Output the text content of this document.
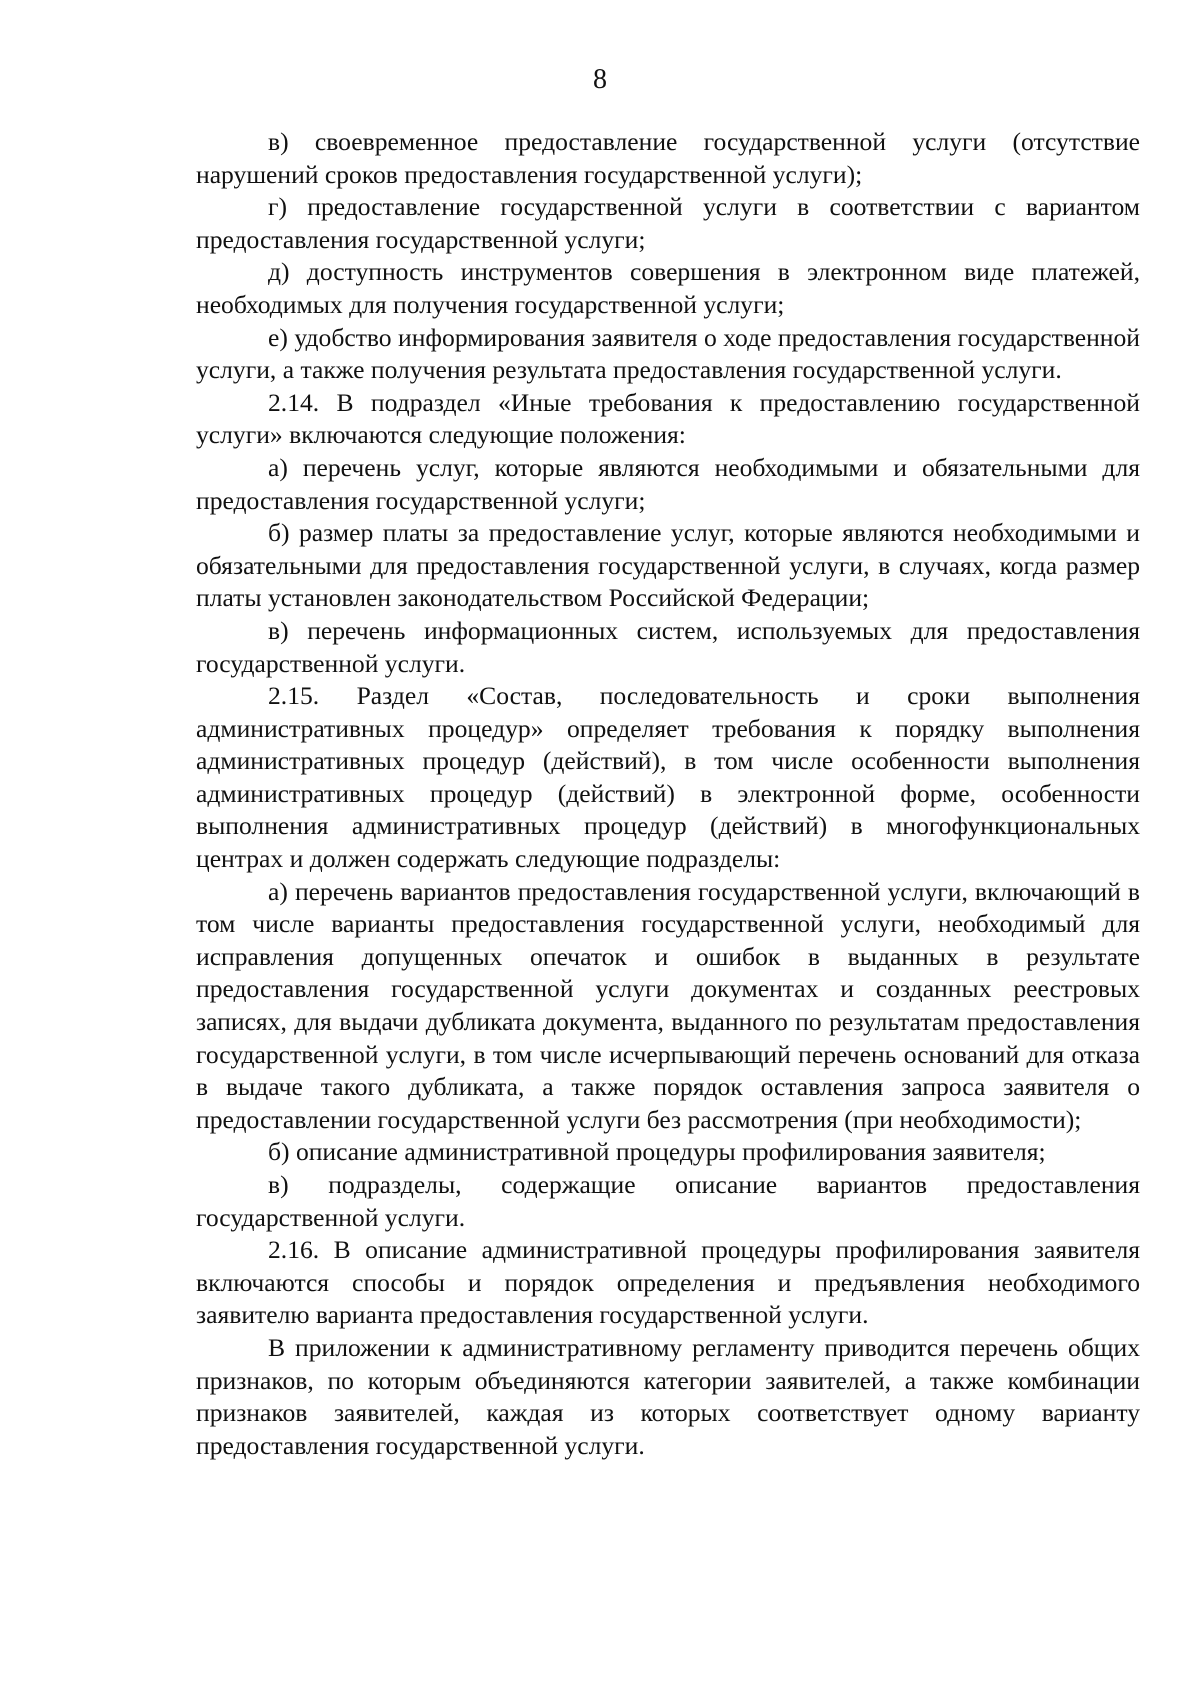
8

в) своевременное предоставление государственной услуги (отсутствие нарушений сроков предоставления государственной услуги);

г) предоставление государственной услуги в соответствии с вариантом предоставления государственной услуги;

д) доступность инструментов совершения в электронном виде платежей, необходимых для получения государственной услуги;

е) удобство информирования заявителя о ходе предоставления государственной услуги, а также получения результата предоставления государственной услуги.

2.14. В подраздел «Иные требования к предоставлению государственной услуги» включаются следующие положения:

а) перечень услуг, которые являются необходимыми и обязательными для предоставления государственной услуги;

б) размер платы за предоставление услуг, которые являются необходимыми и обязательными для предоставления государственной услуги, в случаях, когда размер платы установлен законодательством Российской Федерации;

в) перечень информационных систем, используемых для предоставления государственной услуги.

2.15. Раздел «Состав, последовательность и сроки выполнения административных процедур» определяет требования к порядку выполнения административных процедур (действий), в том числе особенности выполнения административных процедур (действий) в электронной форме, особенности выполнения административных процедур (действий) в многофункциональных центрах и должен содержать следующие подразделы:

а) перечень вариантов предоставления государственной услуги, включающий в том числе варианты предоставления государственной услуги, необходимый для исправления допущенных опечаток и ошибок в выданных в результате предоставления государственной услуги документах и созданных реестровых записях, для выдачи дубликата документа, выданного по результатам предоставления государственной услуги, в том числе исчерпывающий перечень оснований для отказа в выдаче такого дубликата, а также порядок оставления запроса заявителя о предоставлении государственной услуги без рассмотрения (при необходимости);

б) описание административной процедуры профилирования заявителя;

в) подразделы, содержащие описание вариантов предоставления государственной услуги.

2.16. В описание административной процедуры профилирования заявителя включаются способы и порядок определения и предъявления необходимого заявителю варианта предоставления государственной услуги.

В приложении к административному регламенту приводится перечень общих признаков, по которым объединяются категории заявителей, а также комбинации признаков заявителей, каждая из которых соответствует одному варианту предоставления государственной услуги.
